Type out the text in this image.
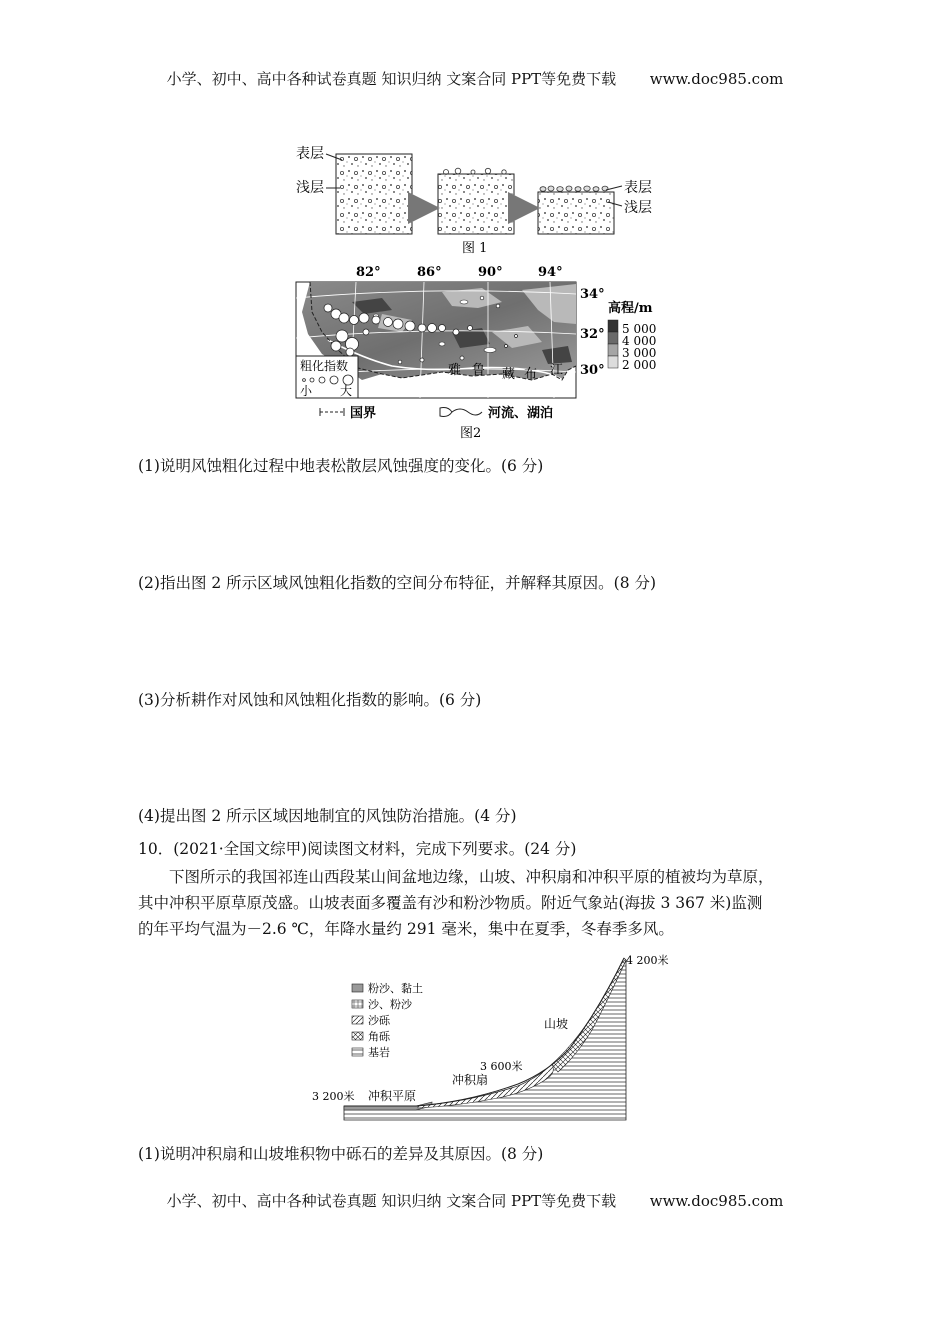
小学、初中、高中各种试卷真题 知识归纳 文案合同 PPT等免费下载 www.doc985.com
表层
浅层	表层
浅层
图 1
82°	86°	90°	94°
雅 鲁 藏 布 江
粗化指数
小 大
34°
32°
30°
高程/m
5 000
4 000
3 000
2 000
国界	河流、湖泊
图2
(1)说明风蚀粗化过程中地表松散层风蚀强度的变化。(6 分)
(2)指出图 2 所示区域风蚀粗化指数的空间分布特征，并解释其原因。(8 分)
(3)分析耕作对风蚀和风蚀粗化指数的影响。(6 分)
(4)提出图 2 所示区域因地制宜的风蚀防治措施。(4 分)
10．(2021·全国文综甲)阅读图文材料，完成下列要求。(24 分)

下图所示的我国祁连山西段某山间盆地边缘，山坡、冲积扇和冲积平原的植被均为草原，

其中冲积平原草原茂盛。山坡表面多覆盖有沙和粉沙物质。附近气象站(海拔 3 367 米)监测

的年平均气温为－2.6 ℃，年降水量约 291 毫米，集中在夏季，冬春季多风。

粉沙、黏土
沙、粉沙
沙砾
角砾
基岩
4 200米
山坡
3 600米
冲积扇
3 200米 冲积平原
(1)说明冲积扇和山坡堆积物中砾石的差异及其原因。(8 分)
小学、初中、高中各种试卷真题 知识归纳 文案合同 PPT等免费下载 www.doc985.com
